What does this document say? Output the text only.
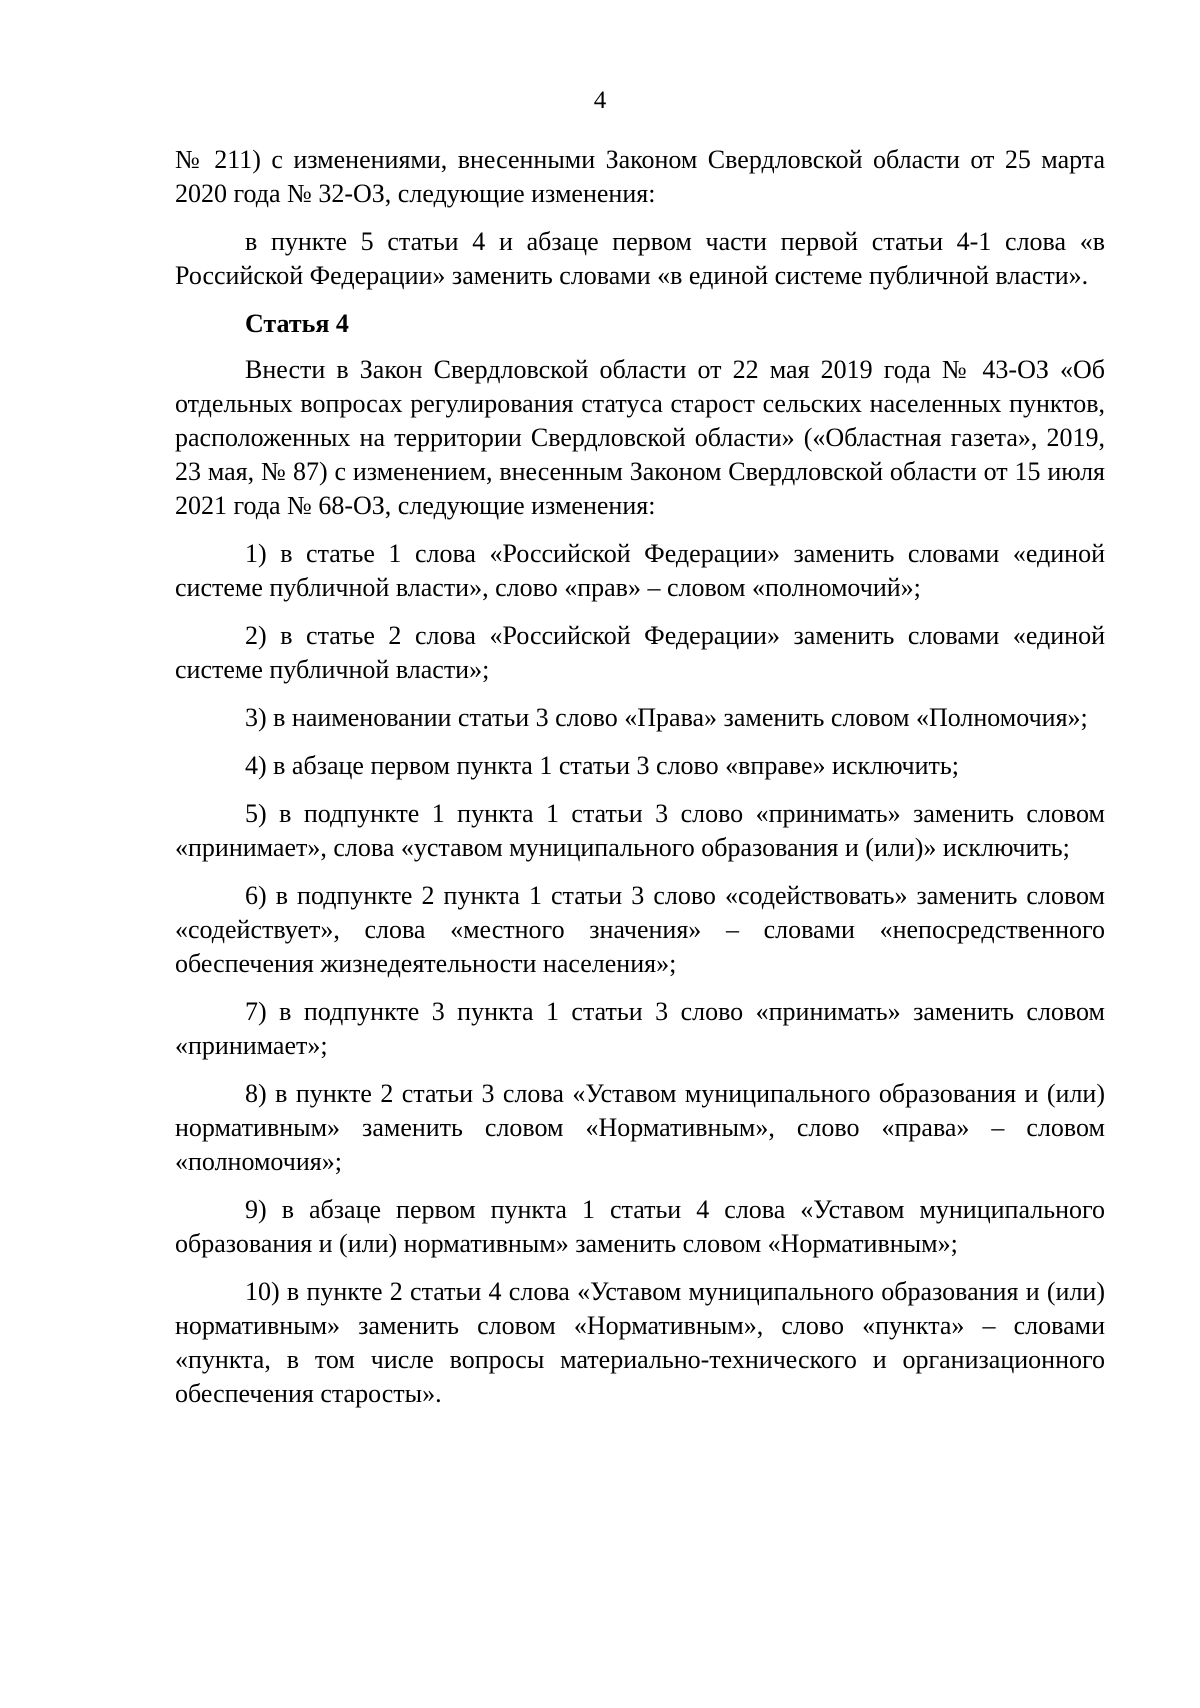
4

№ 211) с изменениями, внесенными Законом Свердловской области от 25 марта 2020 года № 32-ОЗ, следующие изменения:

в пункте 5 статьи 4 и абзаце первом части первой статьи 4-1 слова «в Российской Федерации» заменить словами «в единой системе публичной власти».

Статья 4

Внести в Закон Свердловской области от 22 мая 2019 года № 43-ОЗ «Об отдельных вопросах регулирования статуса старост сельских населенных пунктов, расположенных на территории Свердловской области» («Областная газета», 2019, 23 мая, № 87) с изменением, внесенным Законом Свердловской области от 15 июля 2021 года № 68-ОЗ, следующие изменения:

1) в статье 1 слова «Российской Федерации» заменить словами «единой системе публичной власти», слово «прав» – словом «полномочий»;

2) в статье 2 слова «Российской Федерации» заменить словами «единой системе публичной власти»;

3) в наименовании статьи 3 слово «Права» заменить словом «Полномочия»;

4) в абзаце первом пункта 1 статьи 3 слово «вправе» исключить;

5) в подпункте 1 пункта 1 статьи 3 слово «принимать» заменить словом «принимает», слова «уставом муниципального образования и (или)» исключить;

6) в подпункте 2 пункта 1 статьи 3 слово «содействовать» заменить словом «содействует», слова «местного значения» – словами «непосредственного обеспечения жизнедеятельности населения»;

7) в подпункте 3 пункта 1 статьи 3 слово «принимать» заменить словом «принимает»;

8) в пункте 2 статьи 3 слова «Уставом муниципального образования и (или) нормативным» заменить словом «Нормативным», слово «права» – словом «полномочия»;

9) в абзаце первом пункта 1 статьи 4 слова «Уставом муниципального образования и (или) нормативным» заменить словом «Нормативным»;

10) в пункте 2 статьи 4 слова «Уставом муниципального образования и (или) нормативным» заменить словом «Нормативным», слово «пункта» – словами «пункта, в том числе вопросы материально-технического и организационного обеспечения старосты».
